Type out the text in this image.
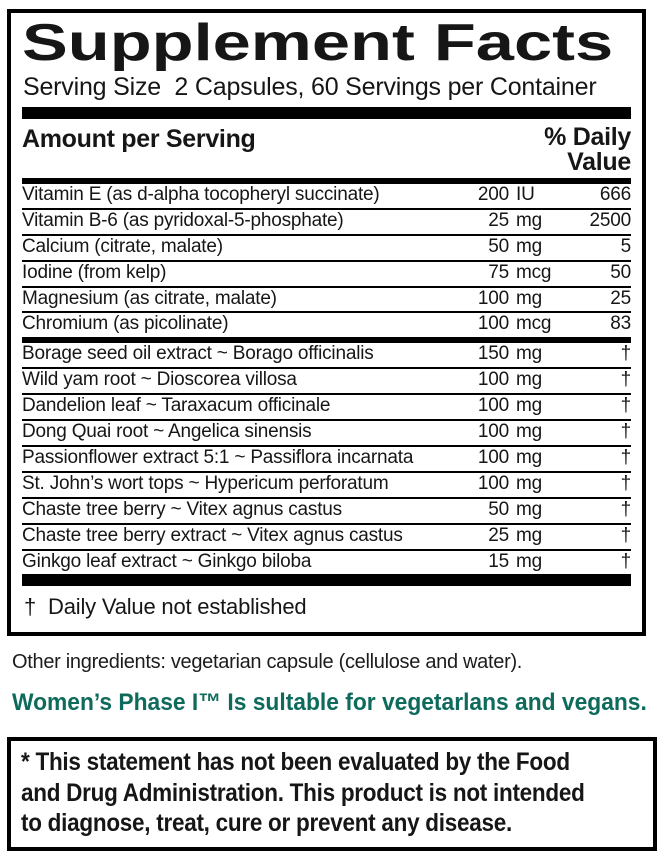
Supplement Facts
Serving Size  2 Capsules, 60 Servings per Container
Amount per Serving	% Daily
Value
Vitamin E (as d-alpha tocopheryl succinate)	200 IU	666
Vitamin B-6 (as pyridoxal-5-phosphate)	25 mg	2500
Calcium (citrate, malate)	50 mg	5
Iodine (from kelp)	75 mcg	50
Magnesium (as citrate, malate)	100 mg	25
Chromium (as picolinate)	100 mcg	83
Borage seed oil extract ~ Borago officinalis	150 mg	†
Wild yam root ~ Dioscorea villosa	100 mg	†
Dandelion leaf ~ Taraxacum officinale	100 mg	†
Dong Quai root ~ Angelica sinensis	100 mg	†
Passionflower extract 5:1 ~ Passiflora incarnata	100 mg	†
St. John’s wort tops ~ Hypericum perforatum	100 mg	†
Chaste tree berry ~ Vitex agnus castus	50 mg	†
Chaste tree berry extract ~ Vitex agnus castus	25 mg	†
Ginkgo leaf extract ~ Ginkgo biloba	15 mg	†
† Daily Value not established
Other ingredients: vegetarian capsule (cellulose and water).
Women’s Phase I™ Is sultable for vegetarlans and vegans.
* This statement has not been evaluated by the Food
and Drug Administration. This product is not intended
to diagnose, treat, cure or prevent any disease.
